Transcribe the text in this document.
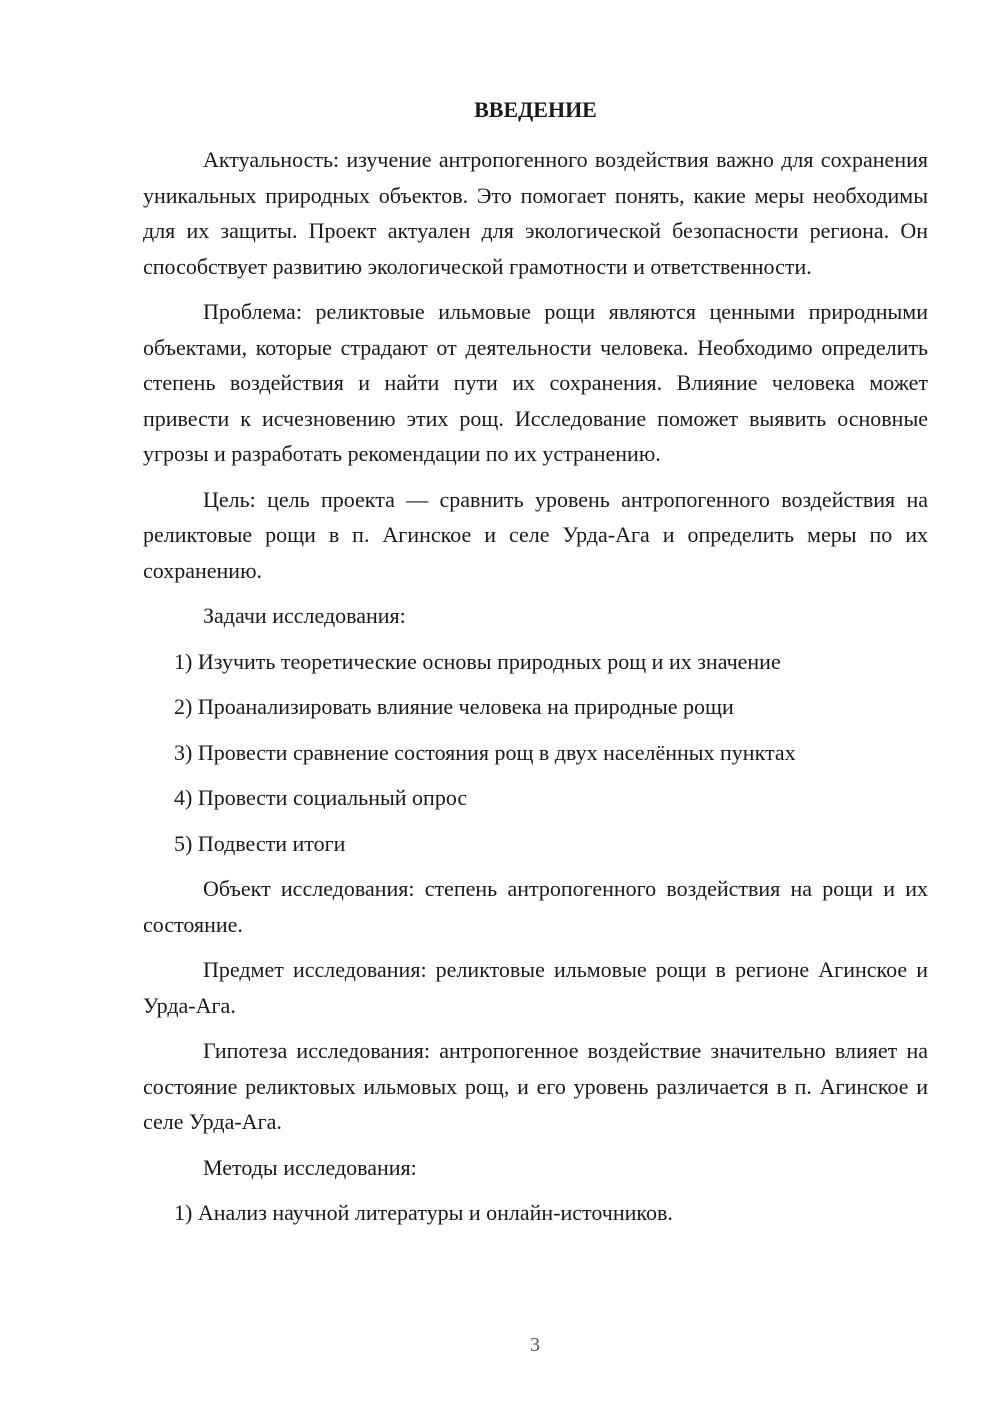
ВВЕДЕНИЕ

Актуальность: изучение антропогенного воздействия важно для сохранения уникальных природных объектов. Это помогает понять, какие меры необходимы для их защиты. Проект актуален для экологической безопасности региона. Он способствует развитию экологической грамотности и ответственности.

Проблема: реликтовые ильмовые рощи являются ценными природными объектами, которые страдают от деятельности человека. Необходимо определить степень воздействия и найти пути их сохранения. Влияние человека может привести к исчезновению этих рощ. Исследование поможет выявить основные угрозы и разработать рекомендации по их устранению.

Цель: цель проекта — сравнить уровень антропогенного воздействия на реликтовые рощи в п. Агинское и селе Урда-Ага и определить меры по их сохранению.

Задачи исследования:

1) Изучить теоретические основы природных рощ и их значение

2) Проанализировать влияние человека на природные рощи

3) Провести сравнение состояния рощ в двух населённых пунктах

4) Провести социальный опрос

5) Подвести итоги

Объект исследования: степень антропогенного воздействия на рощи и их состояние.

Предмет исследования: реликтовые ильмовые рощи в регионе Агинское и Урда-Ага.

Гипотеза исследования: антропогенное воздействие значительно влияет на состояние реликтовых ильмовых рощ, и его уровень различается в п. Агинское и селе Урда-Ага.

Методы исследования:

1) Анализ научной литературы и онлайн-источников.

3
